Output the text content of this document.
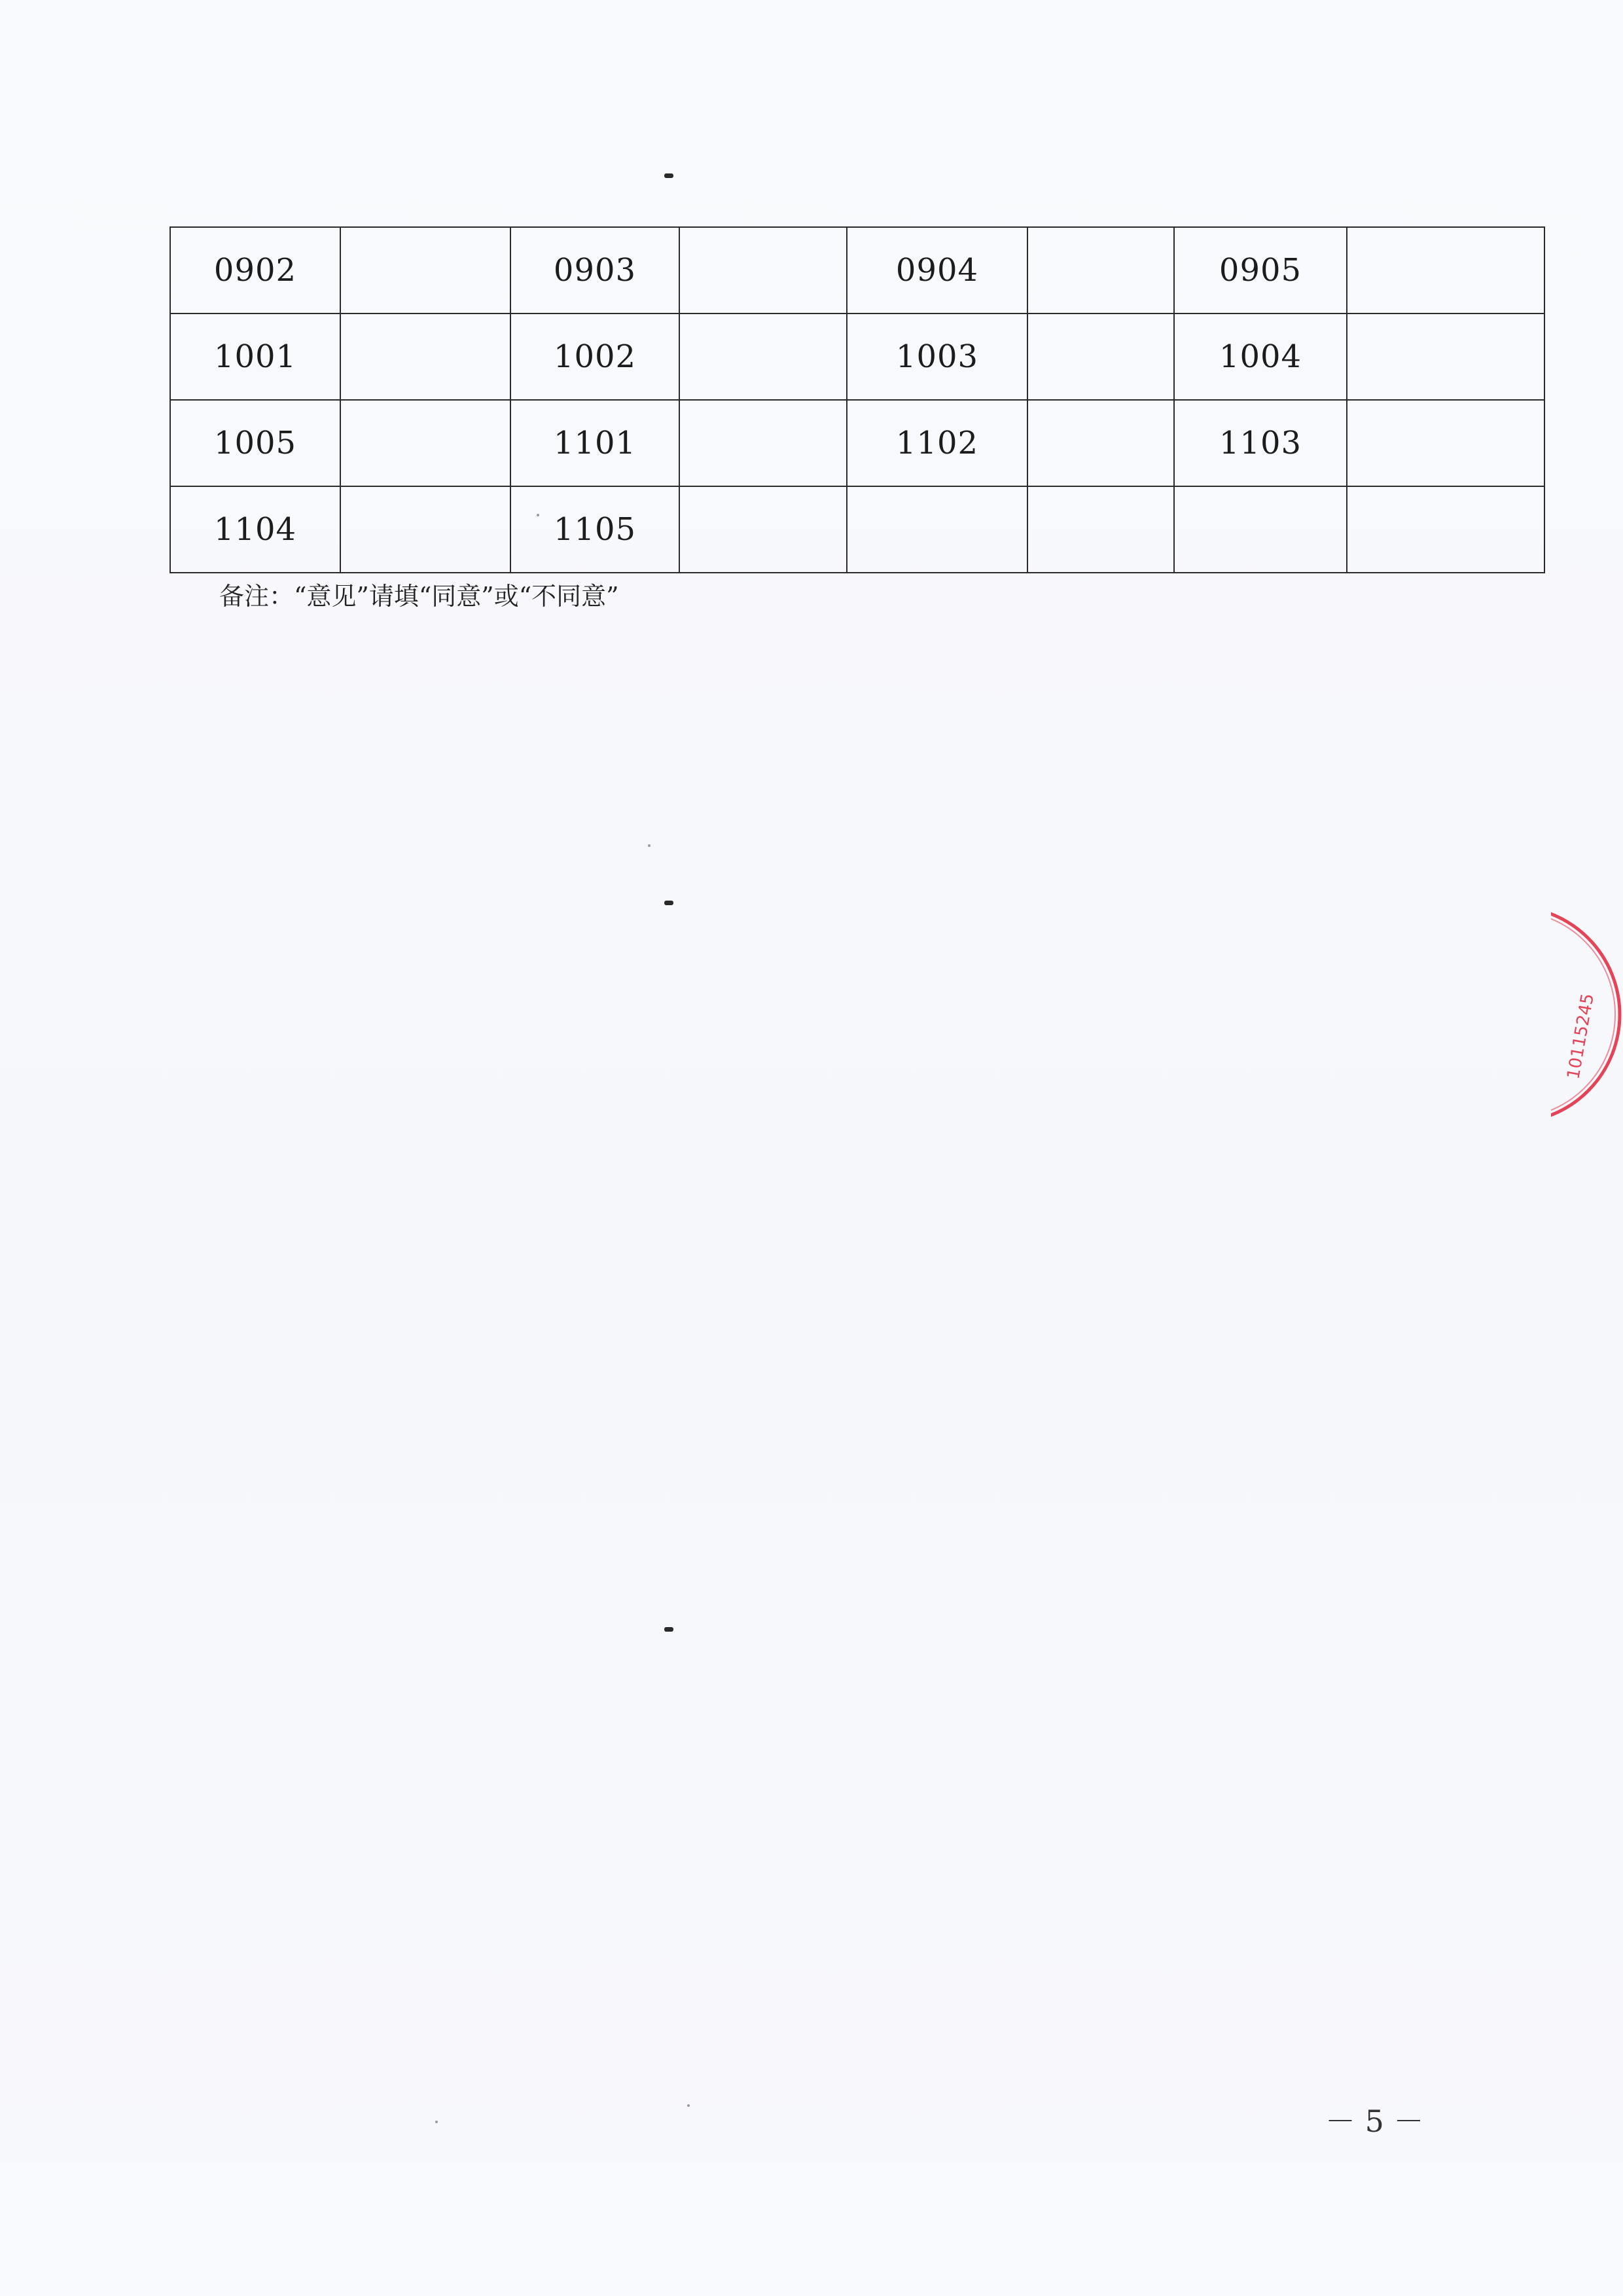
0902		0903		0904		0905	
1001		1002		1003		1004	
1005		1101		1102		1103	
1104		1105					
备注：“意见”请填“同意”或“不同意”
10115245
－ 5 －
